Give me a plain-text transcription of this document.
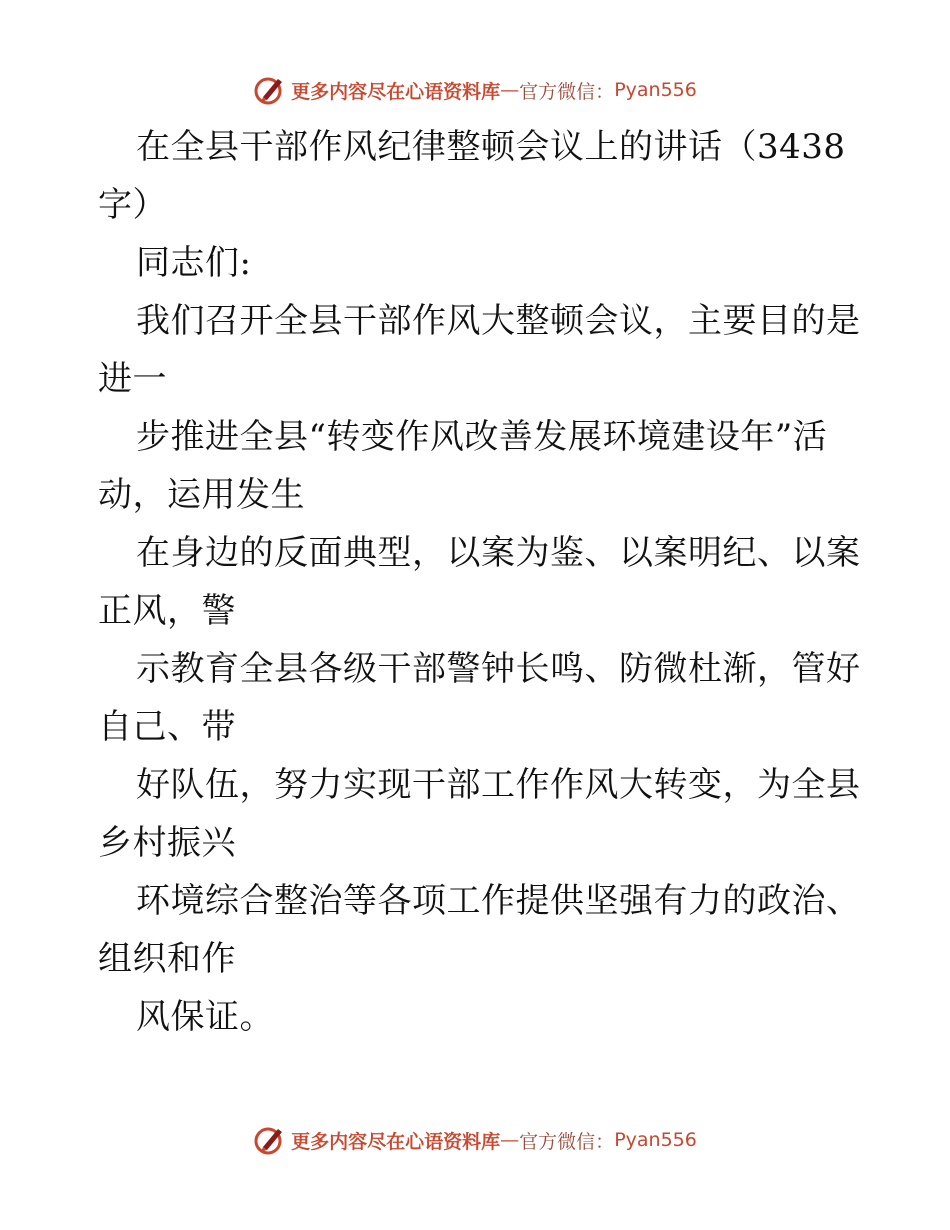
更多内容尽在心语资料库 — 官方微信： Pyan556
在全县干部作风纪律整顿会议上的讲话（3438
字）
同志们:
我们召开全县干部作风大整顿会议，主要目的是
进一
步推进全县“转变作风改善发展环境建设年”活
动，运用发生
在身边的反面典型，以案为鉴、以案明纪、以案
正风，警
示教育全县各级干部警钟长鸣、防微杜渐，管好
自己、带
好队伍，努力实现干部工作作风大转变，为全县
乡村振兴
环境综合整治等各项工作提供坚强有力的政治、
组织和作
风保证。
更多内容尽在心语资料库 — 官方微信： Pyan556
